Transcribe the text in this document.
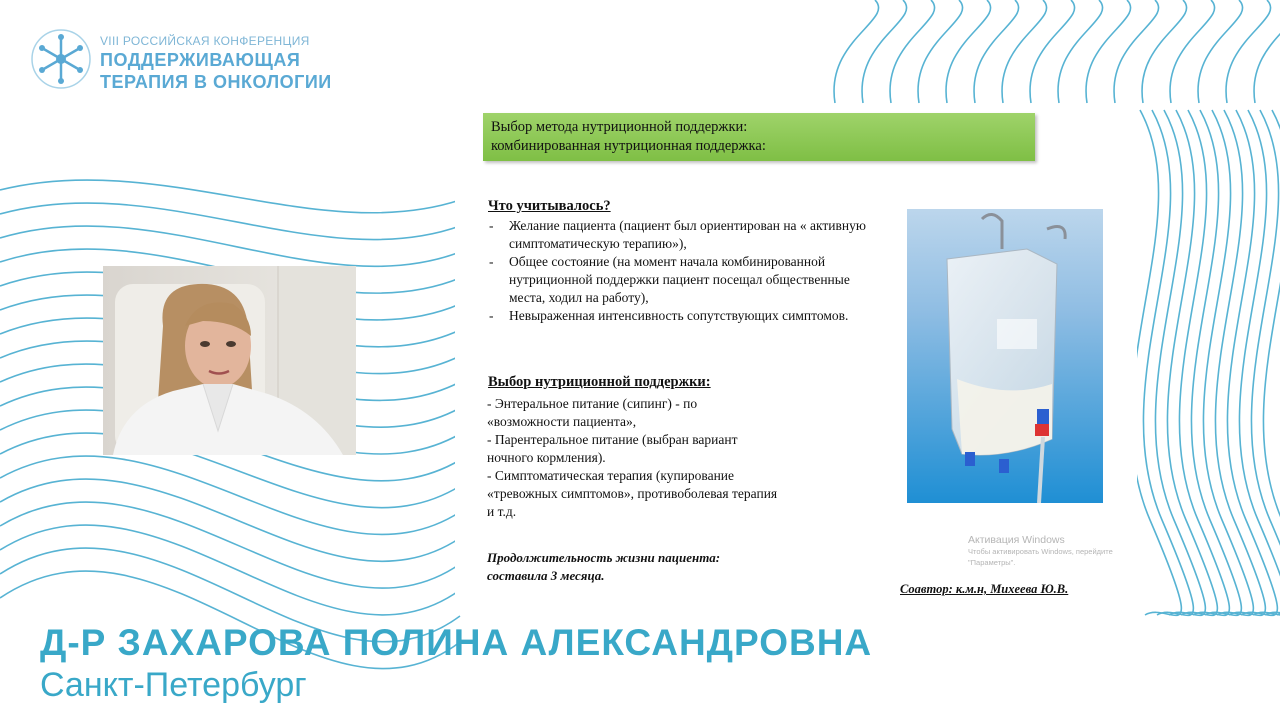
VIII РОССИЙСКАЯ КОНФЕРЕНЦИЯ
ПОДДЕРЖИВАЮЩАЯ
ТЕРАПИЯ В ОНКОЛОГИИ
Выбор метода нутриционной поддержки:
комбинированная нутриционная поддержка:
Что учитывалось?
- Желание пациента (пациент был ориентирован на « активную симптоматическую терапию»),
- Общее состояние (на момент начала комбинированной нутриционной поддержки пациент посещал общественные места, ходил на работу),
- Невыраженная интенсивность сопутствующих симптомов.
Выбор нутриционной поддержки:
- Энтеральное питание (сипинг) - по
«возможности пациента»,
- Парентеральное питание (выбран вариант
ночного кормления).
- Симптоматическая терапия (купирование
«тревожных симптомов», противоболевая терапия
и т.д.
Продолжительность жизни пациента:
составила 3 месяца.
Активация Windows
Чтобы активировать Windows, перейдите
"Параметры".
Соавтор: к.м.н, Михеева Ю.В.
Д-Р ЗАХАРОВА ПОЛИНА АЛЕКСАНДРОВНА
Санкт-Петербург
